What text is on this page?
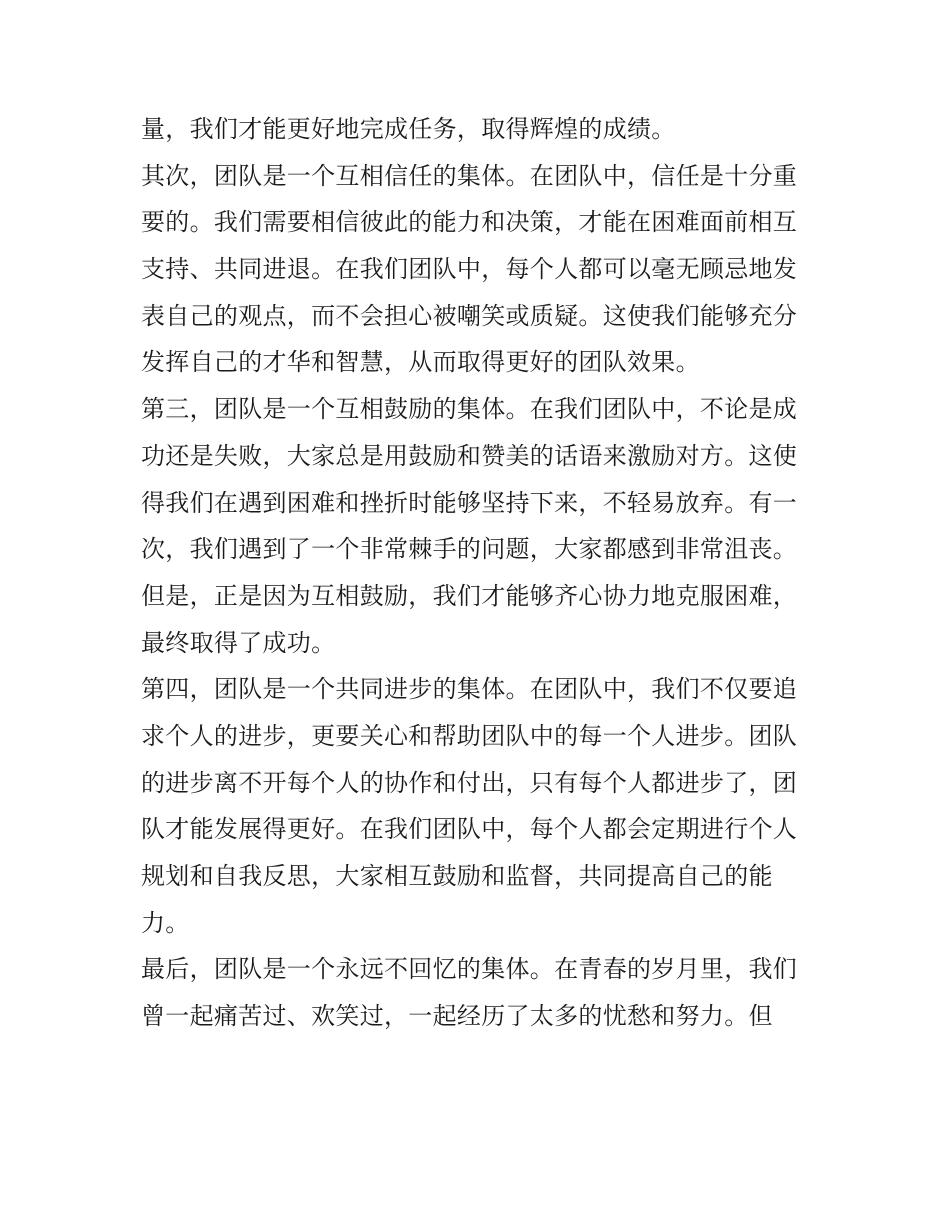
量，我们才能更好地完成任务，取得辉煌的成绩。
其次，团队是一个互相信任的集体。在团队中，信任是十分重
要的。我们需要相信彼此的能力和决策，才能在困难面前相互
支持、共同进退。在我们团队中，每个人都可以毫无顾忌地发
表自己的观点，而不会担心被嘲笑或质疑。这使我们能够充分
发挥自己的才华和智慧，从而取得更好的团队效果。
第三，团队是一个互相鼓励的集体。在我们团队中，不论是成
功还是失败，大家总是用鼓励和赞美的话语来激励对方。这使
得我们在遇到困难和挫折时能够坚持下来，不轻易放弃。有一
次，我们遇到了一个非常棘手的问题，大家都感到非常沮丧。
但是，正是因为互相鼓励，我们才能够齐心协力地克服困难，
最终取得了成功。
第四，团队是一个共同进步的集体。在团队中，我们不仅要追
求个人的进步，更要关心和帮助团队中的每一个人进步。团队
的进步离不开每个人的协作和付出，只有每个人都进步了，团
队才能发展得更好。在我们团队中，每个人都会定期进行个人
规划和自我反思，大家相互鼓励和监督，共同提高自己的能
力。
最后，团队是一个永远不回忆的集体。在青春的岁月里，我们
曾一起痛苦过、欢笑过，一起经历了太多的忧愁和努力。但
